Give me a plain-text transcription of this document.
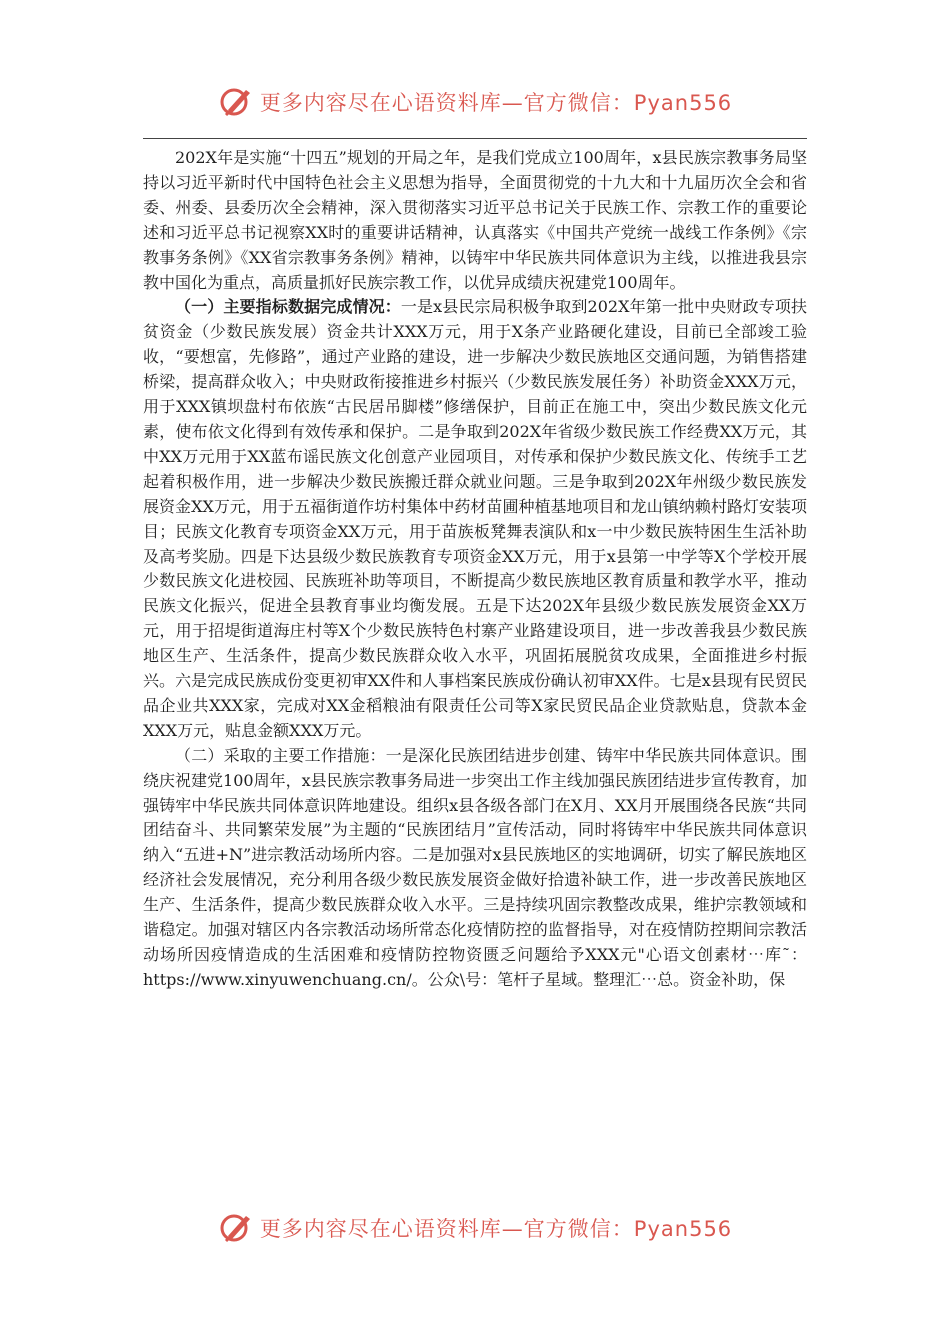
更多内容尽在心语资料库—官方微信：Pyan556

202X年是实施“十四五”规划的开局之年，是我们党成立100周年，x县民族宗教事务局坚持以习近平新时代中国特色社会主义思想为指导，全面贯彻党的十九大和十九届历次全会和省委、州委、县委历次全会精神，深入贯彻落实习近平总书记关于民族工作、宗教工作的重要论述和习近平总书记视察XX时的重要讲话精神，认真落实《中国共产党统一战线工作条例》《宗教事务条例》《XX省宗教事务条例》精神，以铸牢中华民族共同体意识为主线，以推进我县宗教中国化为重点，高质量抓好民族宗教工作，以优异成绩庆祝建党100周年。

（一）主要指标数据完成情况：一是x县民宗局积极争取到202X年第一批中央财政专项扶贫资金（少数民族发展）资金共计XXX万元，用于X条产业路硬化建设，目前已全部竣工验收，“要想富，先修路”，通过产业路的建设，进一步解决少数民族地区交通问题，为销售搭建桥梁，提高群众收入；中央财政衔接推进乡村振兴（少数民族发展任务）补助资金XXX万元，用于XXX镇坝盘村布依族“古民居吊脚楼”修缮保护，目前正在施工中，突出少数民族文化元素，使布依文化得到有效传承和保护。二是争取到202X年省级少数民族工作经费XX万元，其中XX万元用于XX蓝布谣民族文化创意产业园项目，对传承和保护少数民族文化、传统手工艺起着积极作用，进一步解决少数民族搬迁群众就业问题。三是争取到202X年州级少数民族发展资金XX万元，用于五福街道作坊村集体中药材苗圃种植基地项目和龙山镇纳赖村路灯安装项目；民族文化教育专项资金XX万元，用于苗族板凳舞表演队和x一中少数民族特困生生活补助及高考奖励。四是下达县级少数民族教育专项资金XX万元，用于x县第一中学等X个学校开展少数民族文化进校园、民族班补助等项目，不断提高少数民族地区教育质量和教学水平，推动民族文化振兴，促进全县教育事业均衡发展。五是下达202X年县级少数民族发展资金XX万元，用于招堤街道海庄村等X个少数民族特色村寨产业路建设项目，进一步改善我县少数民族地区生产、生活条件，提高少数民族群众收入水平，巩固拓展脱贫攻成果，全面推进乡村振兴。六是完成民族成份变更初审XX件和人事档案民族成份确认初审XX件。七是x县现有民贸民品企业共XXX家，完成对XX金稻粮油有限责任公司等X家民贸民品企业贷款贴息，贷款本金XXX万元，贴息金额XXX万元。

（二）采取的主要工作措施：一是深化民族团结进步创建、铸牢中华民族共同体意识。围绕庆祝建党100周年，x县民族宗教事务局进一步突出工作主线加强民族团结进步宣传教育，加强铸牢中华民族共同体意识阵地建设。组织x县各级各部门在X月、XX月开展围绕各民族“共同团结奋斗、共同繁荣发展”为主题的“民族团结月”宣传活动，同时将铸牢中华民族共同体意识纳入“五进+N”进宗教活动场所内容。二是加强对x县民族地区的实地调研，切实了解民族地区经济社会发展情况，充分利用各级少数民族发展资金做好拾遗补缺工作，进一步改善民族地区生产、生活条件，提高少数民族群众收入水平。三是持续巩固宗教整改成果，维护宗教领域和谐稳定。加强对辖区内各宗教活动场所常态化疫情防控的监督指导，对在疫情防控期间宗教活动场所因疫情造成的生活困难和疫情防控物资匮乏问题给予XXX元"心语文创素材⋯库˜：https://www.xinyuwenchuang.cn/。公众\号：笔杆子星域。整理汇⋯总。资金补助，保

更多内容尽在心语资料库—官方微信：Pyan556
